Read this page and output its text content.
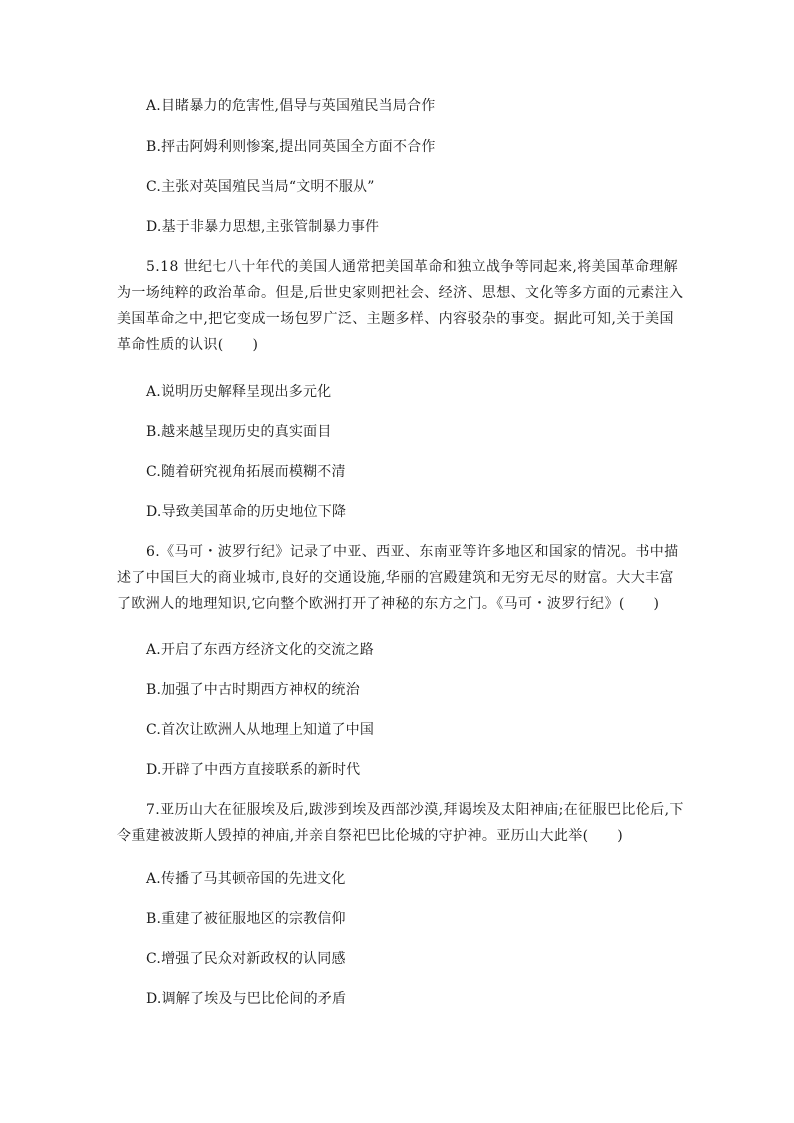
A.目睹暴力的危害性,倡导与英国殖民当局合作
B.抨击阿姆利则惨案,提出同英国全方面不合作
C.主张对英国殖民当局“文明不服从”
D.基于非暴力思想,主张管制暴力事件
5.18 世纪七八十年代的美国人通常把美国革命和独立战争等同起来,将美国革命理解为一场纯粹的政治革命。但是,后世史家则把社会、经济、思想、文化等多方面的元素注入美国革命之中,把它变成一场包罗广泛、主题多样、内容驳杂的事变。据此可知,关于美国革命性质的认识(　　)
A.说明历史解释呈现出多元化
B.越来越呈现历史的真实面目
C.随着研究视角拓展而模糊不清
D.导致美国革命的历史地位下降
6.《马可・波罗行纪》记录了中亚、西亚、东南亚等许多地区和国家的情况。书中描述了中国巨大的商业城市,良好的交通设施,华丽的宫殿建筑和无穷无尽的财富。大大丰富了欧洲人的地理知识,它向整个欧洲打开了神秘的东方之门。《马可・波罗行纪》(　　)
A.开启了东西方经济文化的交流之路
B.加强了中古时期西方神权的统治
C.首次让欧洲人从地理上知道了中国
D.开辟了中西方直接联系的新时代
7.亚历山大在征服埃及后,跋涉到埃及西部沙漠,拜谒埃及太阳神庙;在征服巴比伦后,下令重建被波斯人毁掉的神庙,并亲自祭祀巴比伦城的守护神。亚历山大此举(　　)
A.传播了马其顿帝国的先进文化
B.重建了被征服地区的宗教信仰
C.增强了民众对新政权的认同感
D.调解了埃及与巴比伦间的矛盾
